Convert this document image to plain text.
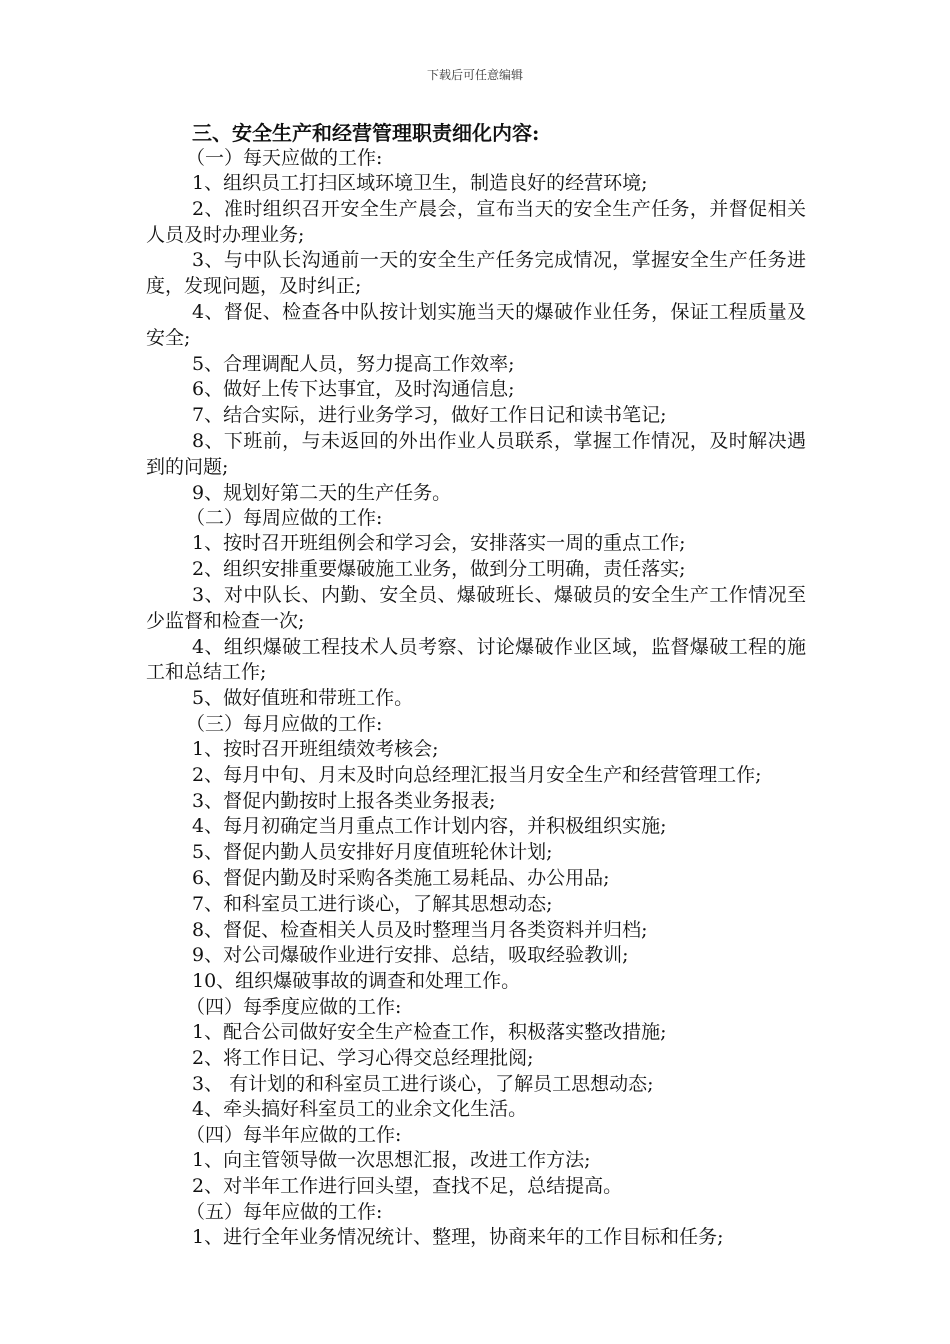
下载后可任意编辑
三、安全生产和经营管理职责细化内容:
（一）每天应做的工作:
1、组织员工打扫区域环境卫生，制造良好的经营环境;
2、准时组织召开安全生产晨会，宣布当天的安全生产任务，并督促相关人员及时办理业务;
3、与中队长沟通前一天的安全生产任务完成情况，掌握安全生产任务进度，发现问题，及时纠正;
4、督促、检查各中队按计划实施当天的爆破作业任务，保证工程质量及安全;
5、合理调配人员，努力提高工作效率;
6、做好上传下达事宜，及时沟通信息;
7、结合实际，进行业务学习，做好工作日记和读书笔记;
8、下班前，与未返回的外出作业人员联系，掌握工作情况，及时解决遇到的问题;
9、规划好第二天的生产任务。
（二）每周应做的工作:
1、按时召开班组例会和学习会，安排落实一周的重点工作;
2、组织安排重要爆破施工业务，做到分工明确，责任落实;
3、对中队长、内勤、安全员、爆破班长、爆破员的安全生产工作情况至少监督和检查一次;
4、组织爆破工程技术人员考察、讨论爆破作业区域，监督爆破工程的施工和总结工作;
5、做好值班和带班工作。
（三）每月应做的工作:
1、按时召开班组绩效考核会;
2、每月中旬、月末及时向总经理汇报当月安全生产和经营管理工作;
3、督促内勤按时上报各类业务报表;
4、每月初确定当月重点工作计划内容，并积极组织实施;
5、督促内勤人员安排好月度值班轮休计划;
6、督促内勤及时采购各类施工易耗品、办公用品;
7、和科室员工进行谈心，了解其思想动态;
8、督促、检查相关人员及时整理当月各类资料并归档;
9、对公司爆破作业进行安排、总结，吸取经验教训;
10、组织爆破事故的调查和处理工作。
（四）每季度应做的工作:
1、配合公司做好安全生产检查工作，积极落实整改措施;
2、将工作日记、学习心得交总经理批阅;
3、 有计划的和科室员工进行谈心，了解员工思想动态;
4、牵头搞好科室员工的业余文化生活。
（四）每半年应做的工作:
1、向主管领导做一次思想汇报，改进工作方法;
2、对半年工作进行回头望，查找不足，总结提高。
（五）每年应做的工作:
1、进行全年业务情况统计、整理，协商来年的工作目标和任务;
